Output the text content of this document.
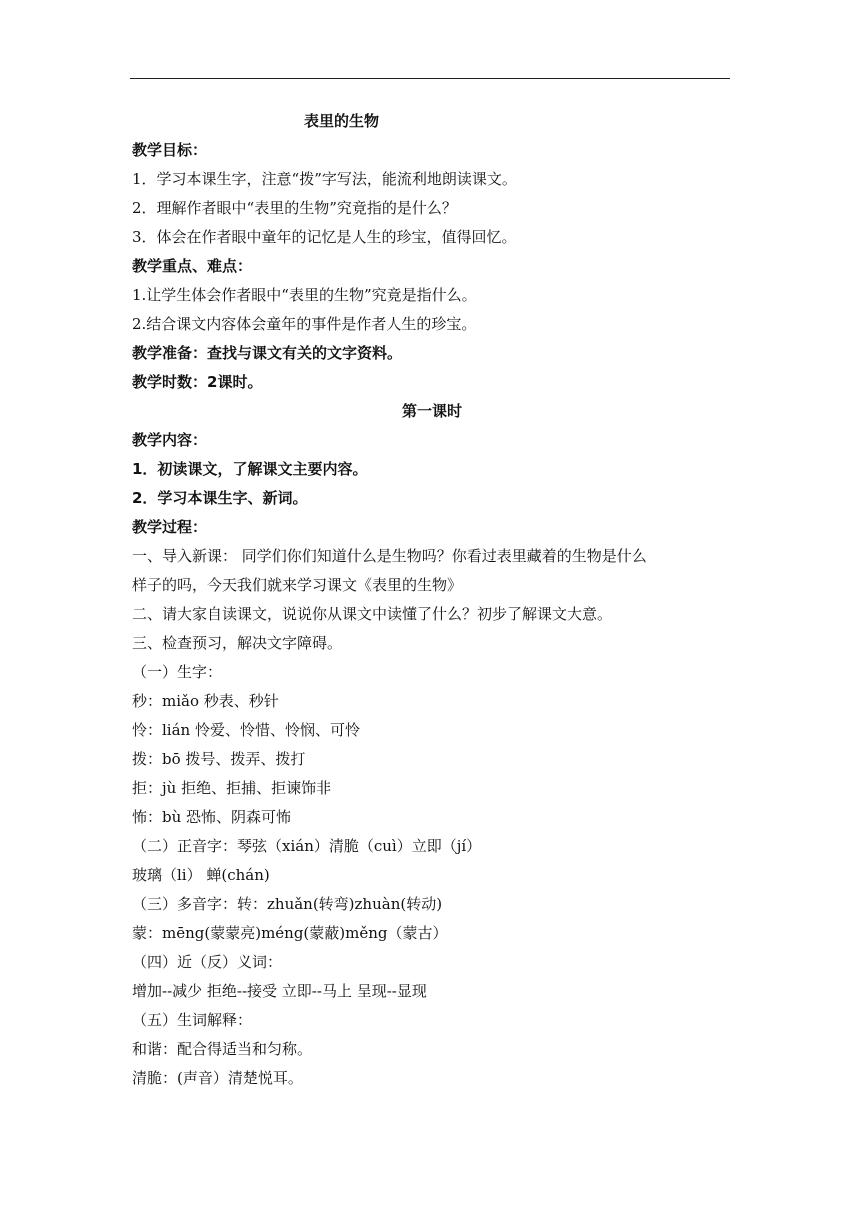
表里的生物
教学目标：
1．学习本课生字，注意“拨”字写法，能流利地朗读课文。
2．理解作者眼中“表里的生物”究竟指的是什么？
3．体会在作者眼中童年的记忆是人生的珍宝，值得回忆。
教学重点、难点：
1.让学生体会作者眼中“表里的生物”究竟是指什么。
2.结合课文内容体会童年的事件是作者人生的珍宝。
教学准备：查找与课文有关的文字资料。
教学时数：2课时。
第一课时
教学内容：
1．初读课文，了解课文主要内容。
2．学习本课生字、新词。
教学过程：
一、导入新课： 同学们你们知道什么是生物吗？你看过表里藏着的生物是什么
样子的吗，今天我们就来学习课文《表里的生物》
二、请大家自读课文，说说你从课文中读懂了什么？初步了解课文大意。
三、检查预习，解决文字障碍。
（一）生字：
秒：miǎo 秒表、秒针
怜：lián 怜爱、怜惜、怜悯、可怜
拨：bō 拨号、拨弄、拨打
拒：jù 拒绝、拒捕、拒谏饰非
怖：bù 恐怖、阴森可怖
（二）正音字：琴弦（xián）清脆（cuì）立即（jí）
玻璃（li） 蝉(chán)
（三）多音字：转：zhuǎn(转弯)zhuàn(转动)
蒙：mēng(蒙蒙亮)méng(蒙蔽)měng（蒙古）
（四）近（反）义词：
增加--减少 拒绝--接受 立即--马上 呈现--显现
（五）生词解释：
和谐：配合得适当和匀称。
清脆：(声音）清楚悦耳。
